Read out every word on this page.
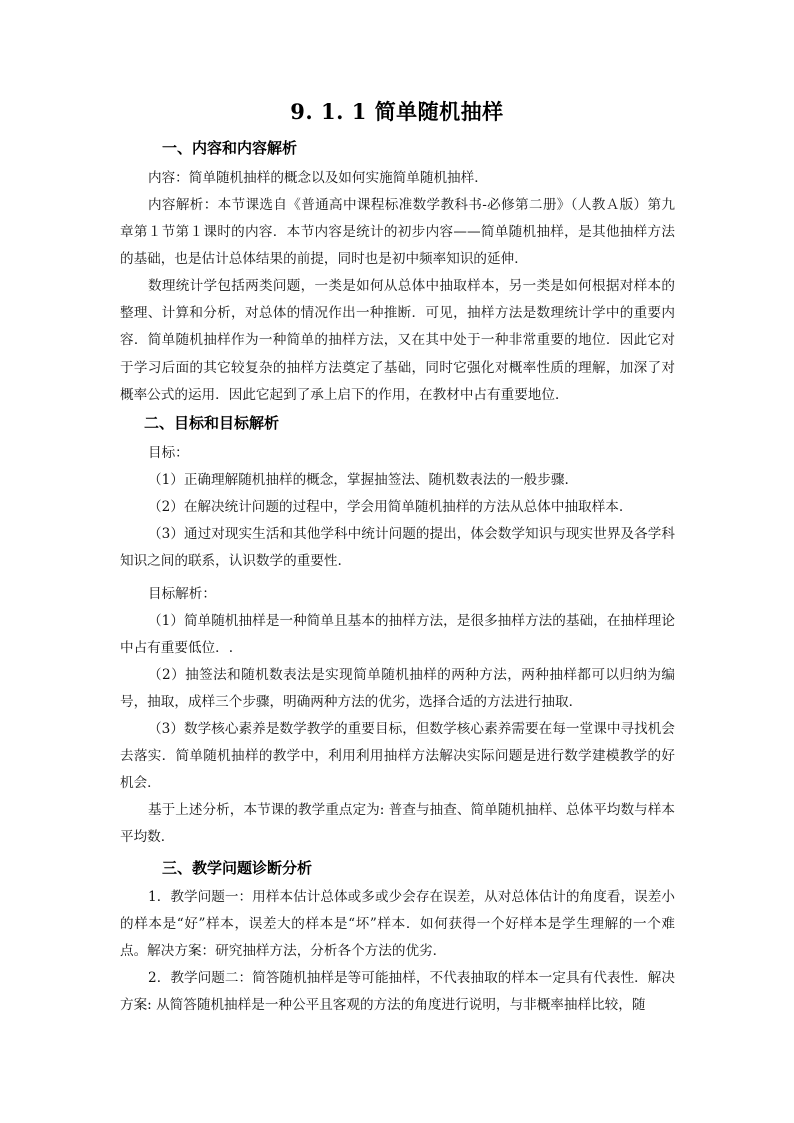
9. 1. 1 简单随机抽样
一、内容和内容解析
内容：简单随机抽样的概念以及如何实施简单随机抽样．
内容解析：本节课选自《普通高中课程标准数学教科书-必修第二册》（人教Ａ版）第九章第１节第１课时的内容．本节内容是统计的初步内容——简单随机抽样，是其他抽样方法的基础，也是估计总体结果的前提，同时也是初中频率知识的延伸．
数理统计学包括两类问题，一类是如何从总体中抽取样本，另一类是如何根据对样本的整理、计算和分析，对总体的情况作出一种推断．可见，抽样方法是数理统计学中的重要内容．简单随机抽样作为一种简单的抽样方法，又在其中处于一种非常重要的地位．因此它对于学习后面的其它较复杂的抽样方法奠定了基础，同时它强化对概率性质的理解，加深了对概率公式的运用．因此它起到了承上启下的作用，在教材中占有重要地位．
二、目标和目标解析
目标：
（1）正确理解随机抽样的概念，掌握抽签法、随机数表法的一般步骤.
（2）在解决统计问题的过程中，学会用简单随机抽样的方法从总体中抽取样本.
（3）通过对现实生活和其他学科中统计问题的提出，体会数学知识与现实世界及各学科知识之间的联系，认识数学的重要性.
目标解析：
（1）简单随机抽样是一种简单且基本的抽样方法，是很多抽样方法的基础，在抽样理论中占有重要低位．.
（2）抽签法和随机数表法是实现简单随机抽样的两种方法，两种抽样都可以归纳为编号，抽取，成样三个步骤，明确两种方法的优劣，选择合适的方法进行抽取．
（3）数学核心素养是数学教学的重要目标，但数学核心素养需要在每一堂课中寻找机会去落实．简单随机抽样的教学中，利用利用抽样方法解决实际问题是进行数学建模教学的好机会．
基于上述分析，本节课的教学重点定为: 普查与抽查、简单随机抽样、总体平均数与样本平均数．
三、教学问题诊断分析
1．教学问题一：用样本估计总体或多或少会存在误差，从对总体估计的角度看，误差小的样本是“好”样本，误差大的样本是“坏”样本．如何获得一个好样本是学生理解的一个难点。解决方案：研究抽样方法，分析各个方法的优劣．
2．教学问题二：简答随机抽样是等可能抽样，不代表抽取的样本一定具有代表性．解决方案: 从简答随机抽样是一种公平且客观的方法的角度进行说明，与非概率抽样比较，随
